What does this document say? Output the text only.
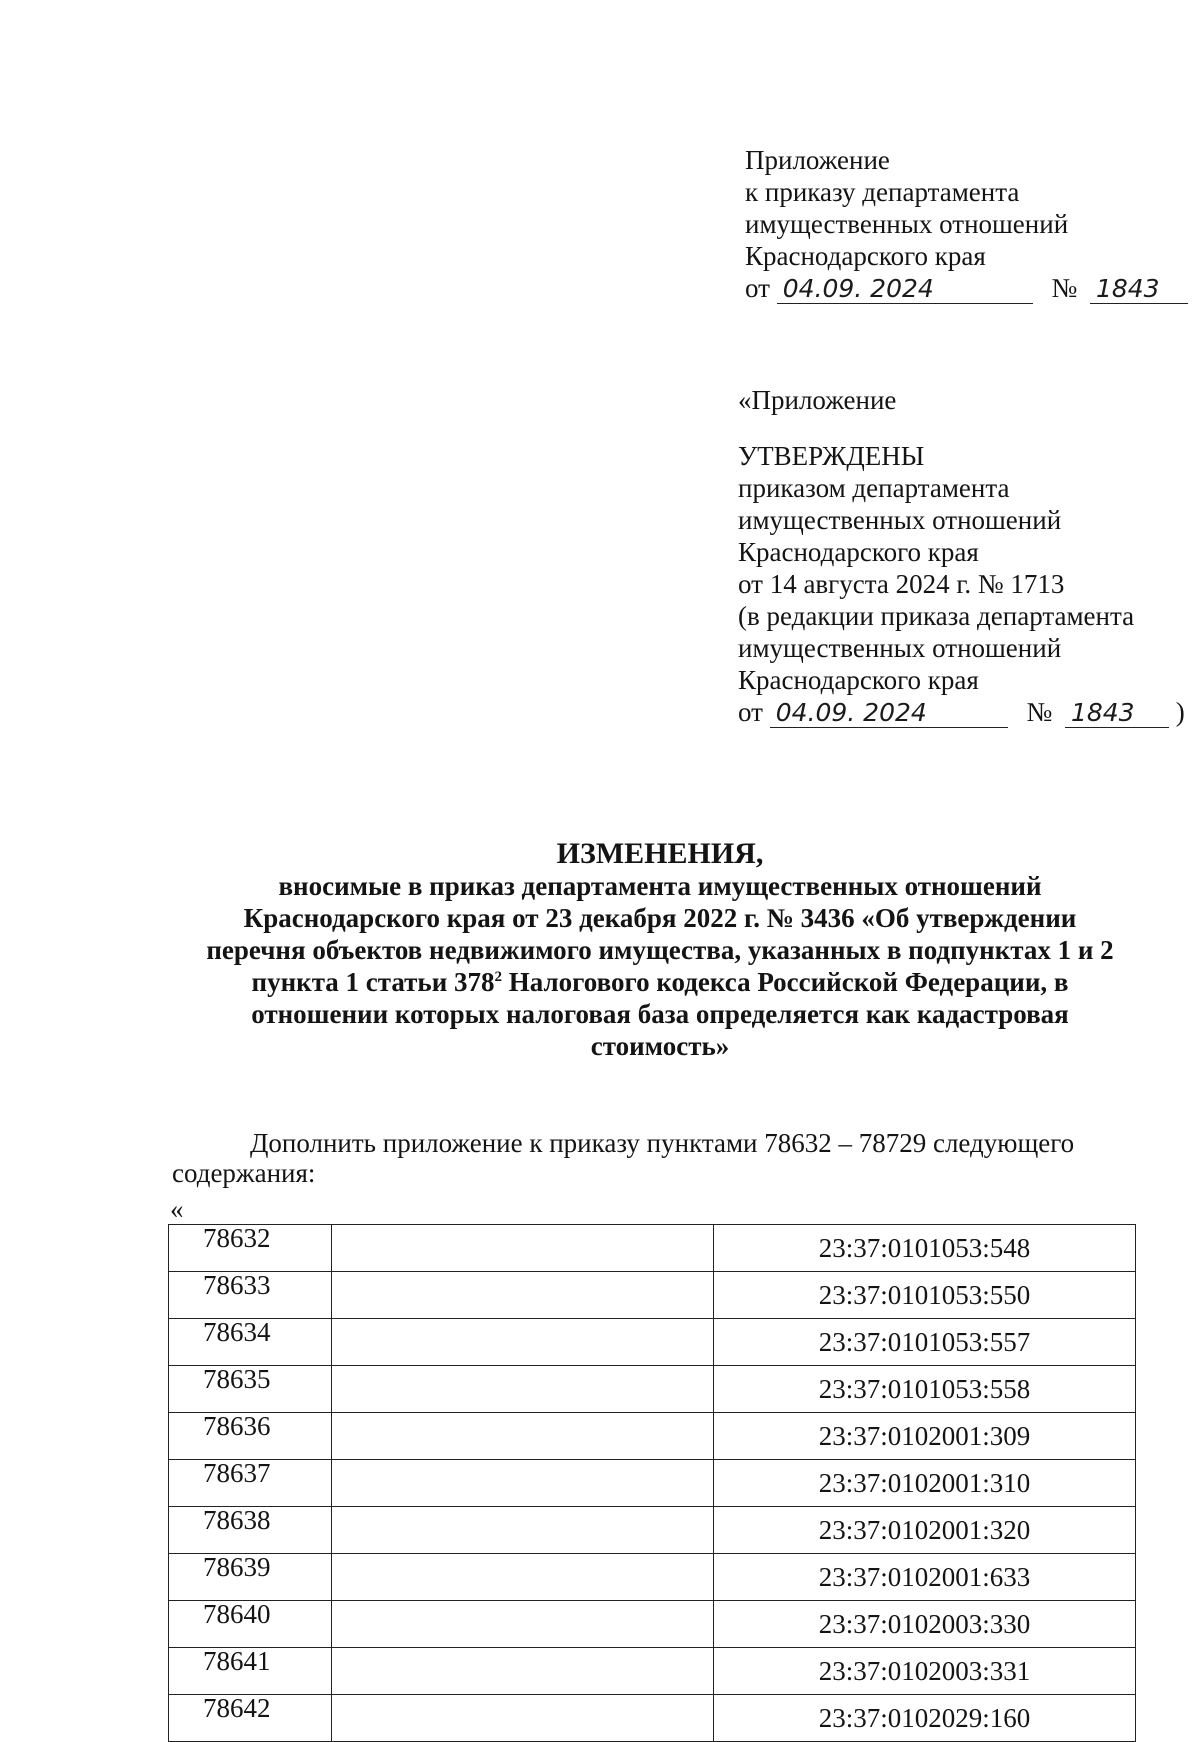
Приложение
к приказу департамента
имущественных отношений
Краснодарского края
от 04.09. 2024	№ 1843
«Приложение
УТВЕРЖДЕНЫ
приказом департамента
имущественных отношений
Краснодарского края
от 14 августа 2024 г. № 1713
(в редакции приказа департамента
имущественных отношений
Краснодарского края
от 04.09. 2024	№ 1843 )
ИЗМЕНЕНИЯ,
вносимые в приказ департамента имущественных отношений
Краснодарского края от 23 декабря 2022 г. № 3436 «Об утверждении
перечня объектов недвижимого имущества, указанных в подпунктах 1 и 2
пункта 1 статьи $378^2$ Налогового кодекса Российской Федерации, в
отношении которых налоговая база определяется как кадастровая
стоимость»
Дополнить приложение к приказу пунктами 78632 – 78729 следующего
содержания:
«
78632		23:37:0101053:548
78633		23:37:0101053:550
78634		23:37:0101053:557
78635		23:37:0101053:558
78636		23:37:0102001:309
78637		23:37:0102001:310
78638		23:37:0102001:320
78639		23:37:0102001:633
78640		23:37:0102003:330
78641		23:37:0102003:331
78642		23:37:0102029:160
